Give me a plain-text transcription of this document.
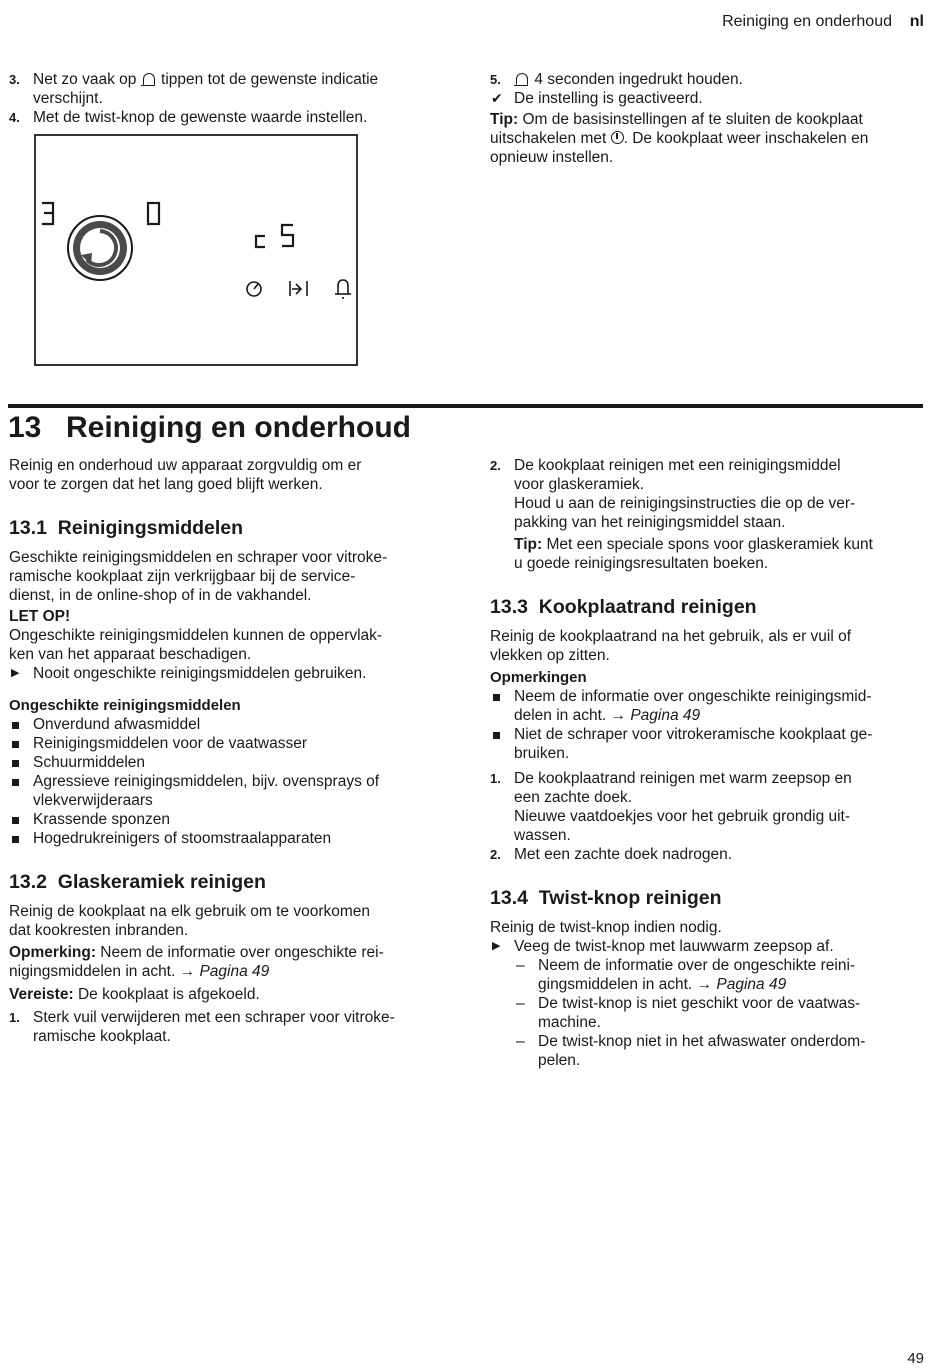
Reiniging en onderhoud nl
3. Net zo vaak op tippen tot de gewenste indicatie
verschijnt.
4. Met de twist-knop de gewenste waarde instellen.
5. 4 seconden ingedrukt houden.
✔ De instelling is geactiveerd.

Tip: Om de basisinstellingen af te sluiten de kookplaat
uitschakelen met . De kookplaat weer inschakelen en
opnieuw instellen.

13 Reiniging en onderhoud

Reinig en onderhoud uw apparaat zorgvuldig om er
voor te zorgen dat het lang goed blijft werken.

13.1 Reinigingsmiddelen

Geschikte reinigingsmiddelen en schraper voor vitroke-
ramische kookplaat zijn verkrijgbaar bij de service-
dienst, in de online-shop of in de vakhandel.

LET OP!

Ongeschikte reinigingsmiddelen kunnen de oppervlak-
ken van het apparaat beschadigen.

▶ Nooit ongeschikte reinigingsmiddelen gebruiken.

Ongeschikte reinigingsmiddelen

Onverdund afwasmiddel
Reinigingsmiddelen voor de vaatwasser
Schuurmiddelen
Agressieve reinigingsmiddelen, bijv. ovensprays of
vlekverwijderaars
Krassende sponzen
Hogedrukreinigers of stoomstraalapparaten
13.2 Glaskeramiek reinigen

Reinig de kookplaat na elk gebruik om te voorkomen
dat kookresten inbranden.

Opmerking: Neem de informatie over ongeschikte rei-
nigingsmiddelen in acht. → Pagina 49

Vereiste: De kookplaat is afgekoeld.

1. Sterk vuil verwijderen met een schraper voor vitroke-
ramische kookplaat.
2. De kookplaat reinigen met een reinigingsmiddel
voor glaskeramiek.
Houd u aan de reinigingsinstructies die op de ver-
pakking van het reinigingsmiddel staan.

Tip: Met een speciale spons voor glaskeramiek kunt
u goede reinigingsresultaten boeken.

13.3 Kookplaatrand reinigen

Reinig de kookplaatrand na het gebruik, als er vuil of
vlekken op zitten.

Opmerkingen

Neem de informatie over ongeschikte reinigingsmid-
delen in acht. → Pagina 49
Niet de schraper voor vitrokeramische kookplaat ge-
bruiken.
1. De kookplaatrand reinigen met warm zeepsop en
een zachte doek.
Nieuwe vaatdoekjes voor het gebruik grondig uit-
wassen.
2. Met een zachte doek nadrogen.
13.4 Twist-knop reinigen

Reinig de twist-knop indien nodig.

▶ Veeg de twist-knop met lauwwarm zeepsop af.
– Neem de informatie over de ongeschikte reini-
gingsmiddelen in acht. → Pagina 49
– De twist-knop is niet geschikt voor de vaatwas-
machine.
– De twist-knop niet in het afwaswater onderdom-
pelen.
49
